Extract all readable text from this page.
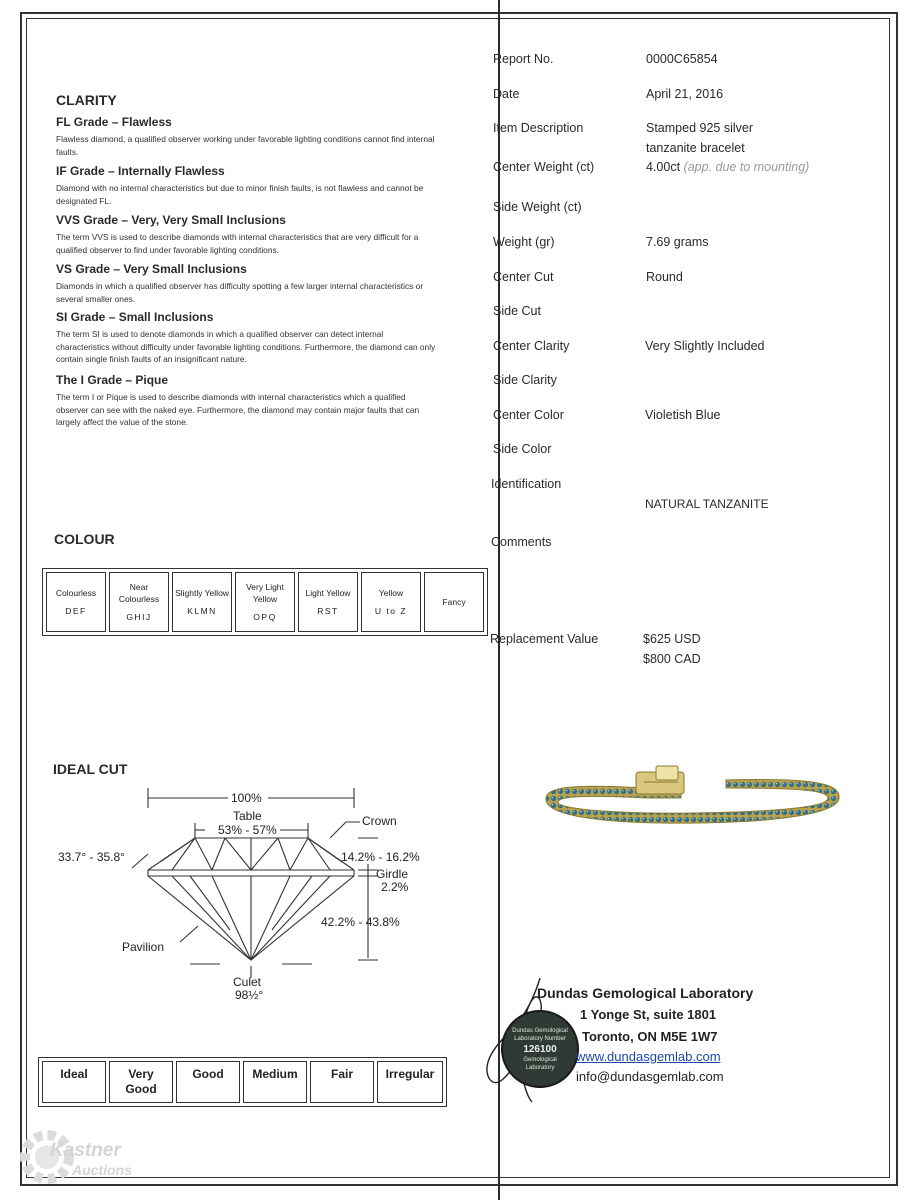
CLARITY
FL Grade – Flawless
Flawless diamond, a qualified observer working under favorable lighting conditions cannot find internal faults.
IF Grade – Internally Flawless
Diamond with no internal characteristics but due to minor finish faults, is not flawless and cannot be designated FL.
VVS Grade – Very, Very Small Inclusions
The term VVS is used to describe diamonds with internal characteristics that are very difficult for a qualified observer to find under favorable lighting conditions.
VS Grade – Very Small Inclusions
Diamonds in which a qualified observer has difficulty spotting a few larger internal characteristics or several smaller ones.
SI Grade – Small Inclusions
The term SI is used to denote diamonds in which a qualified observer can detect internal characteristics without difficulty under favorable lighting conditions. Furthermore, the diamond can only contain single finish faults of an insignificant nature.
The I Grade – Pique
The term I or Pique is used to describe diamonds with internal characteristics which a qualified observer can see with the naked eye. Furthermore, the diamond may contain major faults that can largely affect the value of the stone.
COLOUR
Colourless
DEF

Near Colourless
GHIJ

Slightly Yellow
KLMN

Very Light Yellow
OPQ

Light Yellow
RST

Yellow
U to Z

Fancy
IDEAL CUT
100%
Table
53% - 57%
Crown
33.7° - 35.8°	14.2% - 16.2%
Girdle
2.2%
42.2% - 43.8%
Pavilion
Culet
98½°
Ideal	Very Good	Good	Medium	Fair	Irregular
Report No.	0000C65854
Date	April 21, 2016
Item Description	Stamped 925 silver
tanzanite bracelet
Center Weight (ct)	4.00ct (app. due to mounting)
Side Weight (ct)
Weight (gr)	7.69 grams
Center Cut	Round
Side Cut
Center Clarity	Very Slightly Included
Side Clarity
Center Color	Violetish Blue
Side Color
Identification
NATURAL TANZANITE
Comments
Replacement Value	$625 USD
$800 CAD
Dundas Gemological
Laboratory Number
126100
Gemological
Laboratory
Dundas Gemological Laboratory
1 Yonge St, suite 1801
Toronto, ON M5E 1W7
www.dundasgemlab.com
info@dundasgemlab.com
Kastner
Auctions
